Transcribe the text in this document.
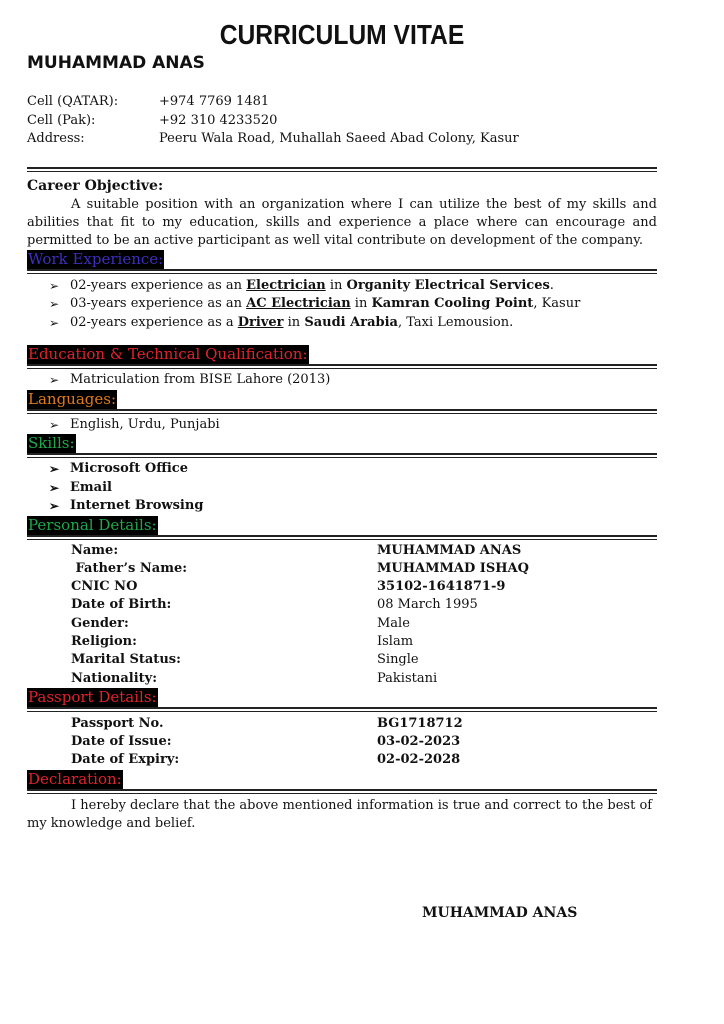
CURRICULUM VITAE
MUHAMMAD ANAS
Cell (QATAR):	+974 7769 1481
Cell (Pak):	+92 310 4233520
Address:	Peeru Wala Road, Muhallah Saeed Abad Colony, Kasur
Career Objective:
A suitable position with an organization where I can utilize the best of my skills and abilities that fit to my education, skills and experience a place where can encourage and permitted to be an active participant as well vital contribute on development of the company.
Work Experience:
➢ 02-years experience as an Electrician in Organity Electrical Services.
➢ 03-years experience as an AC Electrician in Kamran Cooling Point, Kasur
➢ 02-years experience as a Driver in Saudi Arabia, Taxi Lemousion.
Education & Technical Qualification:
➢ Matriculation from BISE Lahore (2013)
Languages:
➢ English, Urdu, Punjabi
Skills:
➢ Microsoft Office
➢ Email
➢ Internet Browsing
Personal Details:
Name:	MUHAMMAD ANAS
Father’s Name:	MUHAMMAD ISHAQ
CNIC NO	35102-1641871-9
Date of Birth:	08 March 1995
Gender:	Male
Religion:	Islam
Marital Status:	Single
Nationality:	Pakistani
Passport Details:
Passport No.	BG1718712
Date of Issue:	03-02-2023
Date of Expiry:	02-02-2028
Declaration:
I hereby declare that the above mentioned information is true and correct to the best of my knowledge and belief.
MUHAMMAD ANAS
